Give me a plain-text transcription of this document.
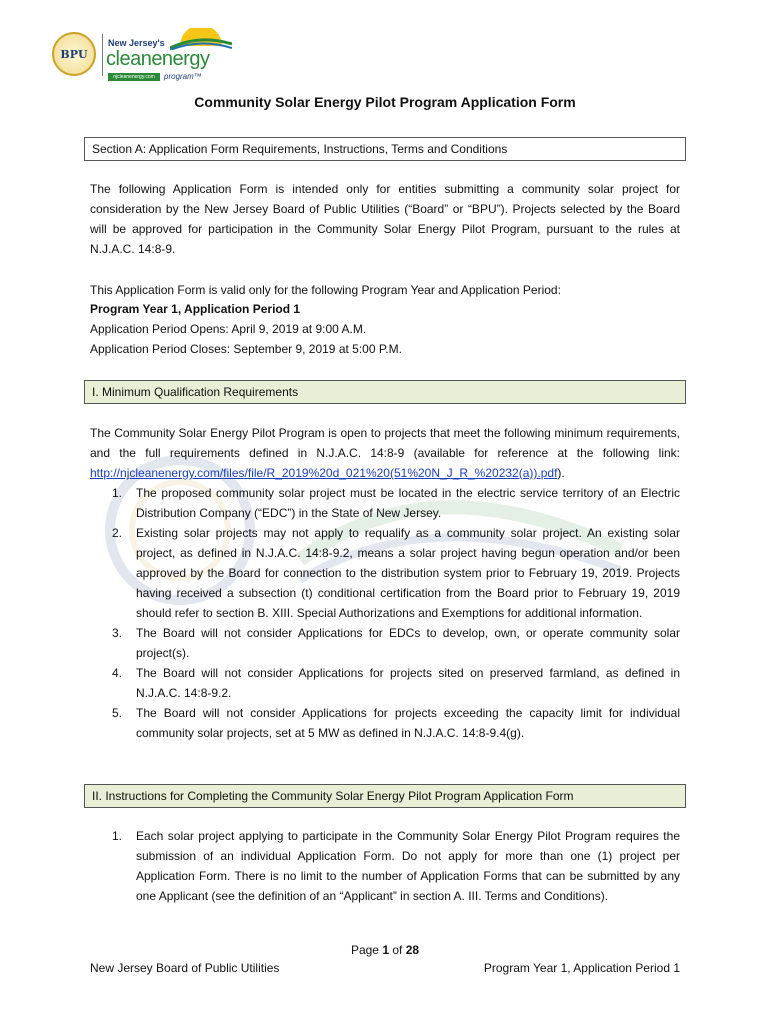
BPU
New Jersey's
cleanenergy
njcleanenergy.com	program™
Community Solar Energy Pilot Program Application Form
Section A: Application Form Requirements, Instructions, Terms and Conditions

The following Application Form is intended only for entities submitting a community solar project for consideration by the New Jersey Board of Public Utilities (“Board” or “BPU”). Projects selected by the Board will be approved for participation in the Community Solar Energy Pilot Program, pursuant to the rules at N.J.A.C. 14:8-9.

This Application Form is valid only for the following Program Year and Application Period:

Program Year 1, Application Period 1

Application Period Opens: April 9, 2019 at 9:00 A.M.

Application Period Closes: September 9, 2019 at 5:00 P.M.

I. Minimum Qualification Requirements

The Community Solar Energy Pilot Program is open to projects that meet the following minimum requirements, and the full requirements defined in N.J.A.C. 14:8-9 (available for reference at the following link: http://njcleanenergy.com/files/file/R_2019%20d_021%20(51%20N_J_R_%20232(a)).pdf).

1. The proposed community solar project must be located in the electric service territory of an Electric Distribution Company (“EDC”) in the State of New Jersey.
2. Existing solar projects may not apply to requalify as a community solar project. An existing solar project, as defined in N.J.A.C. 14:8-9.2, means a solar project having begun operation and/or been approved by the Board for connection to the distribution system prior to February 19, 2019. Projects having received a subsection (t) conditional certification from the Board prior to February 19, 2019 should refer to section B. XIII. Special Authorizations and Exemptions for additional information.
3. The Board will not consider Applications for EDCs to develop, own, or operate community solar project(s).
4. The Board will not consider Applications for projects sited on preserved farmland, as defined in N.J.A.C. 14:8-9.2.
5. The Board will not consider Applications for projects exceeding the capacity limit for individual community solar projects, set at 5 MW as defined in N.J.A.C. 14:8-9.4(g).
II. Instructions for Completing the Community Solar Energy Pilot Program Application Form
1. Each solar project applying to participate in the Community Solar Energy Pilot Program requires the submission of an individual Application Form. Do not apply for more than one (1) project per Application Form. There is no limit to the number of Application Forms that can be submitted by any one Applicant (see the definition of an “Applicant” in section A. III. Terms and Conditions).
Page 1 of 28
New Jersey Board of Public Utilities	Program Year 1, Application Period 1
